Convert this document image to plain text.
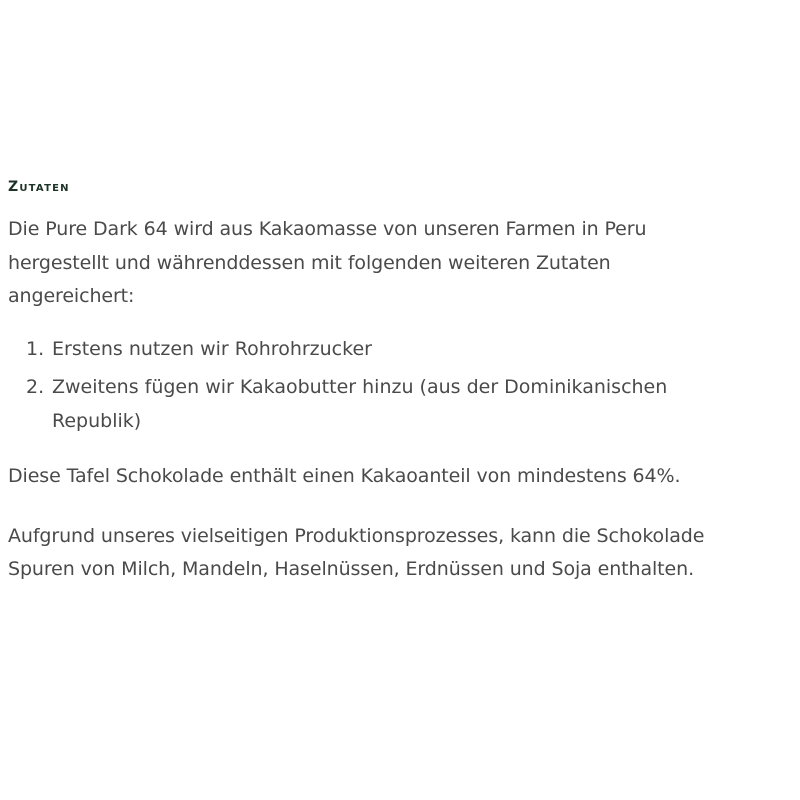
Zutaten
Die Pure Dark 64 wird aus Kakaomasse von unseren Farmen in Peru
hergestellt und währenddessen mit folgenden weiteren Zutaten
angereichert:
1. Erstens nutzen wir Rohrohrzucker
2. Zweitens fügen wir Kakaobutter hinzu (aus der Dominikanischen
Republik)
Diese Tafel Schokolade enthält einen Kakaoanteil von mindestens 64%.
Aufgrund unseres vielseitigen Produktionsprozesses, kann die Schokolade
Spuren von Milch, Mandeln, Haselnüssen, Erdnüssen und Soja enthalten.
